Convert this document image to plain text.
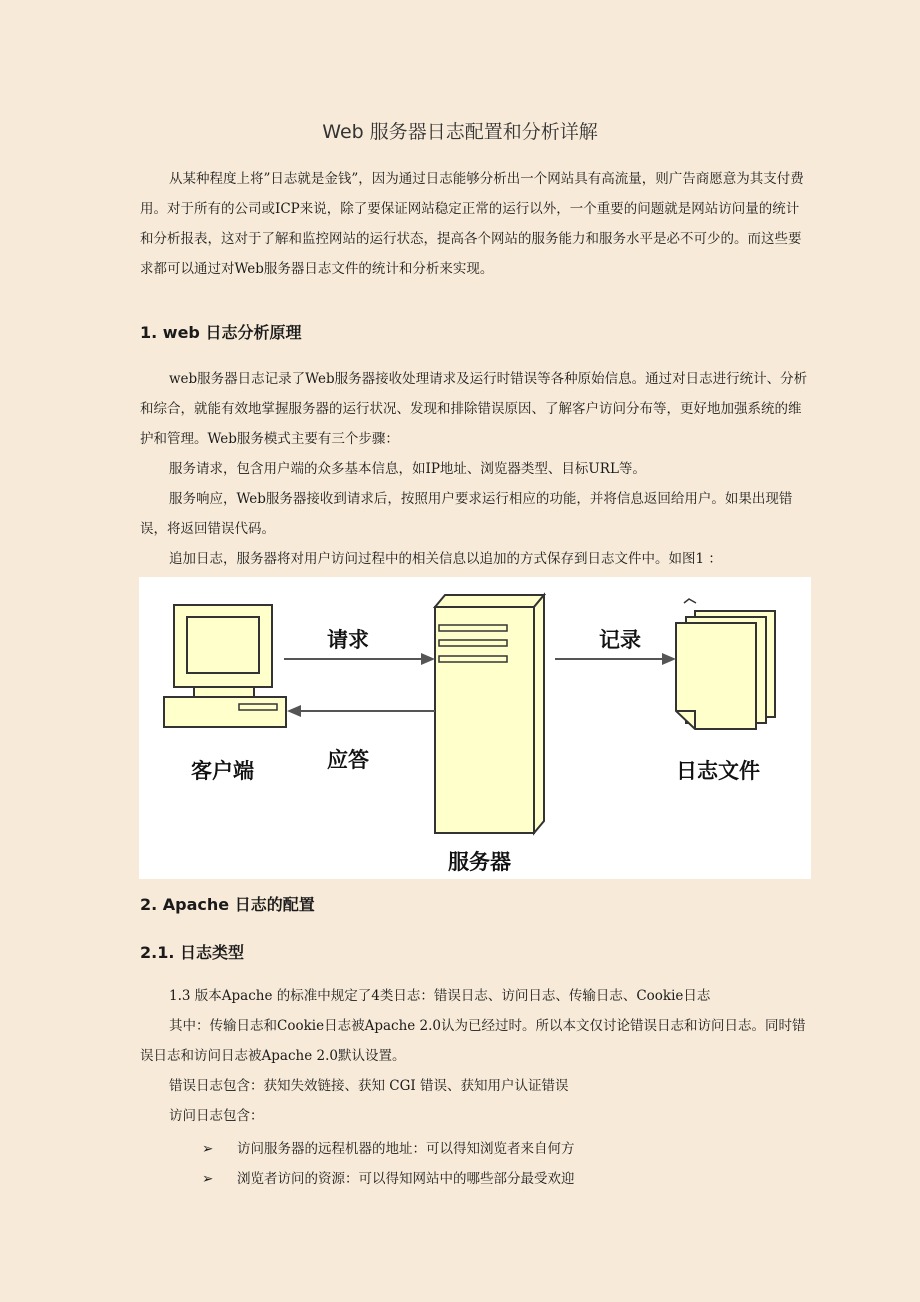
Web 服务器日志配置和分析详解
从某种程度上将”日志就是金钱”，因为通过日志能够分析出一个网站具有高流量，则广告商愿意为其支付费用。对于所有的公司或ICP来说，除了要保证网站稳定正常的运行以外，一个重要的问题就是网站访问量的统计和分析报表，这对于了解和监控网站的运行状态，提高各个网站的服务能力和服务水平是必不可少的。而这些要求都可以通过对Web服务器日志文件的统计和分析来实现。
1. web 日志分析原理
web服务器日志记录了Web服务器接收处理请求及运行时错误等各种原始信息。通过对日志进行统计、分析和综合，就能有效地掌握服务器的运行状况、发现和排除错误原因、了解客户访问分布等，更好地加强系统的维护和管理。Web服务模式主要有三个步骤：
服务请求，包含用户端的众多基本信息，如IP地址、浏览器类型、目标URL等。
服务响应，Web服务器接收到请求后，按照用户要求运行相应的功能，并将信息返回给用户。如果出现错误，将返回错误代码。
追加日志，服务器将对用户访问过程中的相关信息以追加的方式保存到日志文件中。如图1 ：
请求
应答
记录
客户端
服务器
日志文件
2. Apache 日志的配置
2.1. 日志类型
1.3 版本Apache 的标准中规定了4类日志：错误日志、访问日志、传输日志、Cookie日志
其中：传输日志和Cookie日志被Apache 2.0认为已经过时。所以本文仅讨论错误日志和访问日志。同时错误日志和访问日志被Apache 2.0默认设置。
错误日志包含：获知失效链接、获知 CGI 错误、获知用户认证错误
访问日志包含：
➢ 访问服务器的远程机器的地址：可以得知浏览者来自何方
➢ 浏览者访问的资源：可以得知网站中的哪些部分最受欢迎
